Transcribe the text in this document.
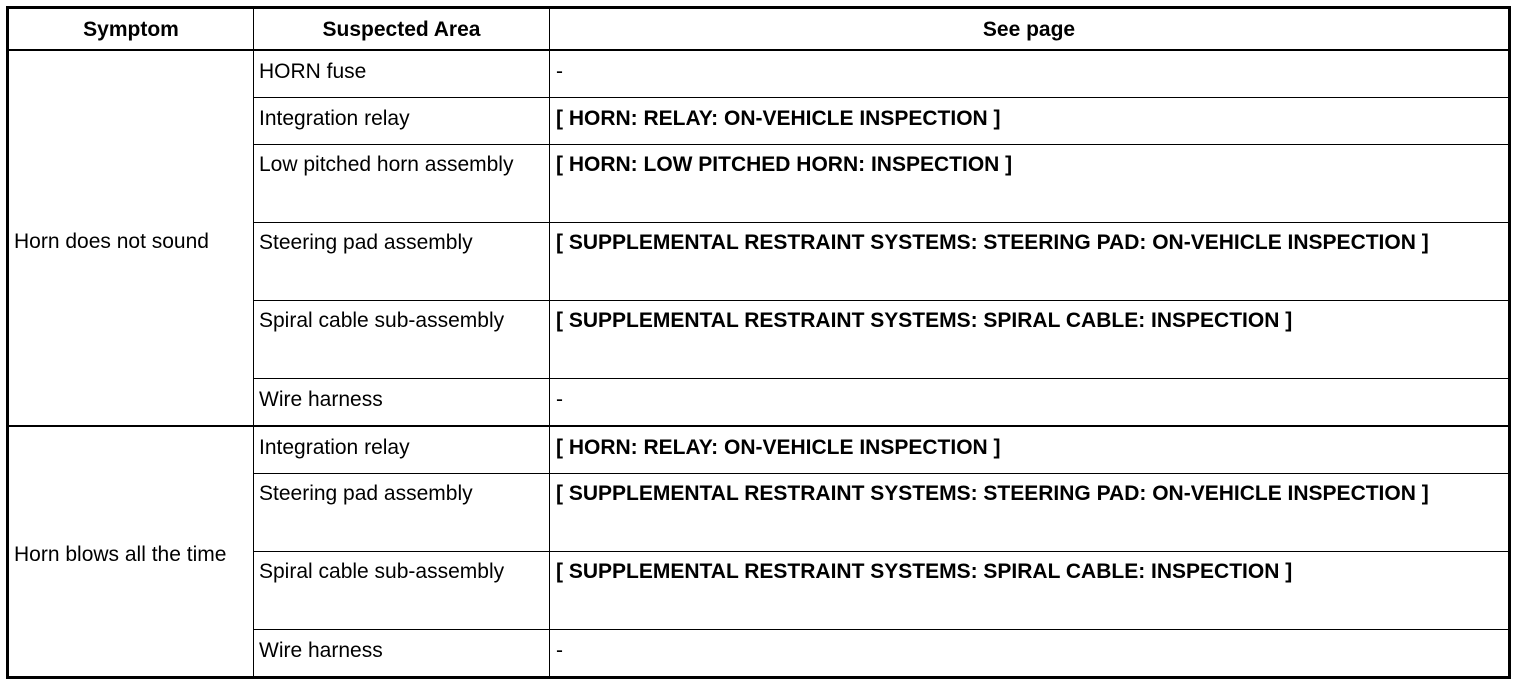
Symptom	Suspected Area	See page
Horn does not sound	HORN fuse	-
	Integration relay	[ HORN: RELAY: ON-VEHICLE INSPECTION ]
	Low pitched horn assembly	[ HORN: LOW PITCHED HORN: INSPECTION ]
	Steering pad assembly	[ SUPPLEMENTAL RESTRAINT SYSTEMS: STEERING PAD: ON-VEHICLE INSPECTION ]
	Spiral cable sub-assembly	[ SUPPLEMENTAL RESTRAINT SYSTEMS: SPIRAL CABLE: INSPECTION ]
	Wire harness	-
Horn blows all the time	Integration relay	[ HORN: RELAY: ON-VEHICLE INSPECTION ]
	Steering pad assembly	[ SUPPLEMENTAL RESTRAINT SYSTEMS: STEERING PAD: ON-VEHICLE INSPECTION ]
	Spiral cable sub-assembly	[ SUPPLEMENTAL RESTRAINT SYSTEMS: SPIRAL CABLE: INSPECTION ]
	Wire harness	-
